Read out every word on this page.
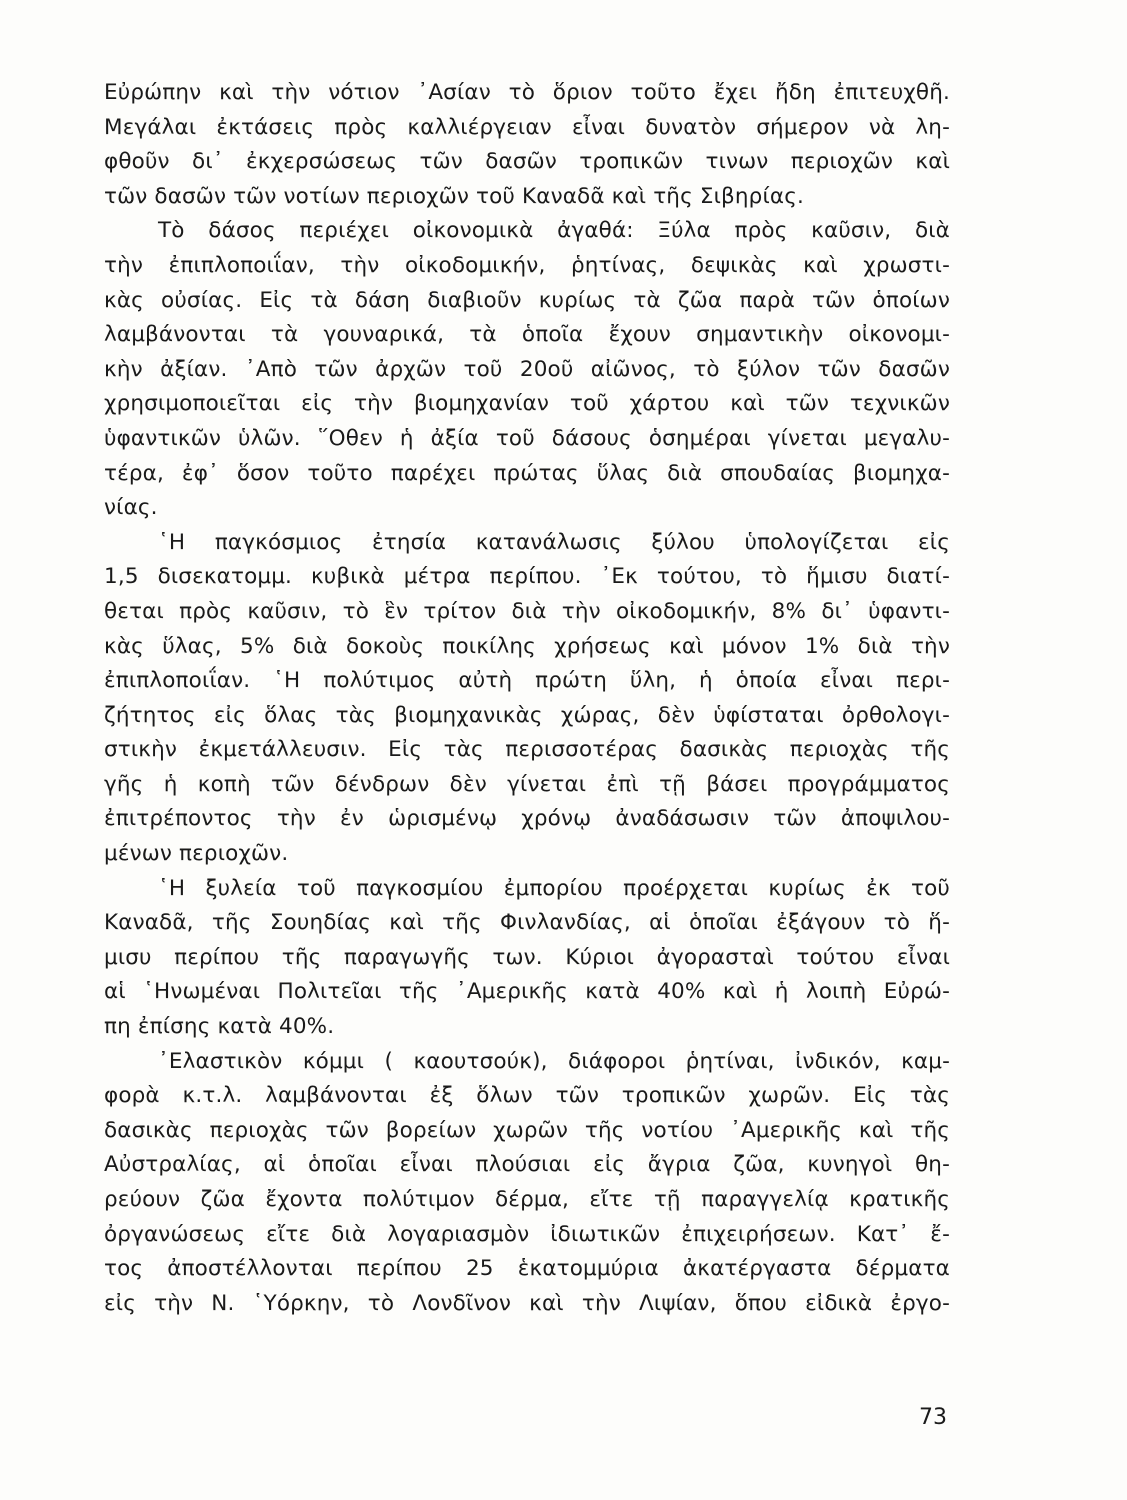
Εὐρώπην καὶ τὴν νότιον ᾿Ασίαν τὸ ὅριον τοῦτο ἔχει ἤδη ἐπιτευχθῆ.
Μεγάλαι ἐκτάσεις πρὸς καλλιέργειαν εἶναι δυνατὸν σήμερον νὰ λη-
φθοῦν δι᾿ ἐκχερσώσεως τῶν δασῶν τροπικῶν τινων περιοχῶν καὶ
τῶν δασῶν τῶν νοτίων περιοχῶν τοῦ Καναδᾶ καὶ τῆς Σιβηρίας.
Τὸ δάσος περιέχει οἰκονομικὰ ἀγαθά: Ξύλα πρὸς καῦσιν, διὰ
τὴν ἐπιπλοποιΐαν, τὴν οἰκοδομικήν, ῥητίνας, δεψικὰς καὶ χρωστι-
κὰς οὐσίας. Εἰς τὰ δάση διαβιοῦν κυρίως τὰ ζῶα παρὰ τῶν ὁποίων
λαμβάνονται τὰ γουναρικά, τὰ ὁποῖα ἔχουν σημαντικὴν οἰκονομι-
κὴν ἀξίαν. ᾿Απὸ τῶν ἀρχῶν τοῦ 20οῦ αἰῶνος, τὸ ξύλον τῶν δασῶν
χρησιμοποιεῖται εἰς τὴν βιομηχανίαν τοῦ χάρτου καὶ τῶν τεχνικῶν
ὑφαντικῶν ὑλῶν. ῞Οθεν ἡ ἀξία τοῦ δάσους ὁσημέραι γίνεται μεγαλυ-
τέρα, ἐφ᾿ ὅσον τοῦτο παρέχει πρώτας ὕλας διὰ σπουδαίας βιομηχα-
νίας.
῾Η παγκόσμιος ἐτησία κατανάλωσις ξύλου ὑπολογίζεται εἰς
1,5 δισεκατομμ. κυβικὰ μέτρα περίπου. ᾿Εκ τούτου, τὸ ἥμισυ διατί-
θεται πρὸς καῦσιν, τὸ ἓν τρίτον διὰ τὴν οἰκοδομικήν, 8% δι᾿ ὑφαντι-
κὰς ὕλας, 5% διὰ δοκοὺς ποικίλης χρήσεως καὶ μόνον 1% διὰ τὴν
ἐπιπλοποιΐαν. ῾Η πολύτιμος αὐτὴ πρώτη ὕλη, ἡ ὁποία εἶναι περι-
ζήτητος εἰς ὅλας τὰς βιομηχανικὰς χώρας, δὲν ὑφίσταται ὀρθολογι-
στικὴν ἐκμετάλλευσιν. Εἰς τὰς περισσοτέρας δασικὰς περιοχὰς τῆς
γῆς ἡ κοπὴ τῶν δένδρων δὲν γίνεται ἐπὶ τῇ βάσει προγράμματος
ἐπιτρέποντος τὴν ἐν ὡρισμένῳ χρόνῳ ἀναδάσωσιν τῶν ἀποψιλου-
μένων περιοχῶν.
῾Η ξυλεία τοῦ παγκοσμίου ἐμπορίου προέρχεται κυρίως ἐκ τοῦ
Καναδᾶ, τῆς Σουηδίας καὶ τῆς Φινλανδίας, αἱ ὁποῖαι ἐξάγουν τὸ ἥ-
μισυ περίπου τῆς παραγωγῆς των. Κύριοι ἀγορασταὶ τούτου εἶναι
αἱ ῾Ηνωμέναι Πολιτεῖαι τῆς ᾿Αμερικῆς κατὰ 40% καὶ ἡ λοιπὴ Εὐρώ-
πη ἐπίσης κατὰ 40%.
᾿Ελαστικὸν κόμμι ( καουτσούκ), διάφοροι ῥητίναι, ἰνδικόν, καμ-
φορὰ κ.τ.λ. λαμβάνονται ἐξ ὅλων τῶν τροπικῶν χωρῶν. Εἰς τὰς
δασικὰς περιοχὰς τῶν βορείων χωρῶν τῆς νοτίου ᾿Αμερικῆς καὶ τῆς
Αὐστραλίας, αἱ ὁποῖαι εἶναι πλούσιαι εἰς ἄγρια ζῶα, κυνηγοὶ θη-
ρεύουν ζῶα ἔχοντα πολύτιμον δέρμα, εἴτε τῇ παραγγελίᾳ κρατικῆς
ὀργανώσεως εἴτε διὰ λογαριασμὸν ἰδιωτικῶν ἐπιχειρήσεων. Κατ᾿ ἔ-
τος ἀποστέλλονται περίπου 25 ἑκατομμύρια ἀκατέργαστα δέρματα
εἰς τὴν Ν. ῾Υόρκην, τὸ Λονδῖνον καὶ τὴν Λιψίαν, ὅπου εἰδικὰ ἐργο-
73
